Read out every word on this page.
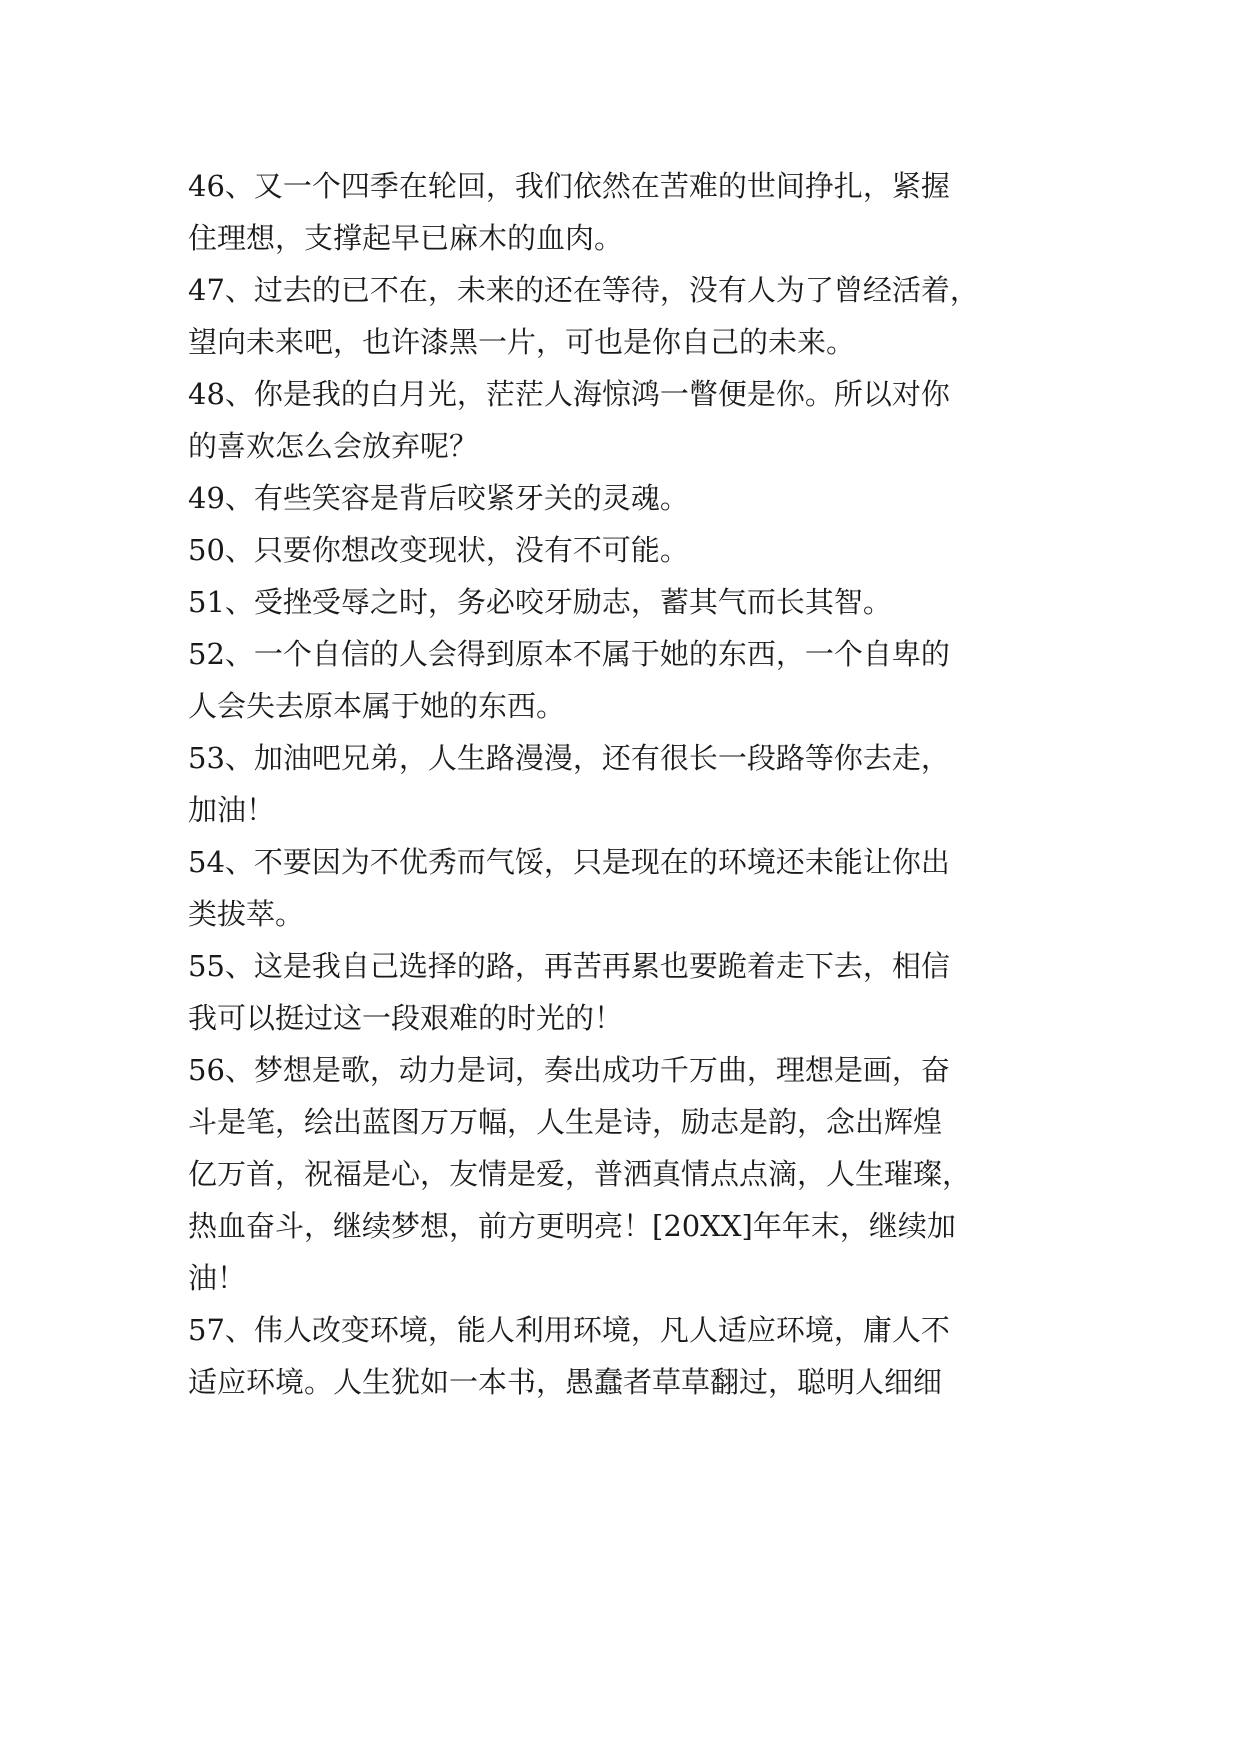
46、又一个四季在轮回，我们依然在苦难的世间挣扎，紧握

住理想，支撑起早已麻木的血肉。

47、过去的已不在，未来的还在等待，没有人为了曾经活着，

望向未来吧，也许漆黑一片，可也是你自己的未来。

48、你是我的白月光，茫茫人海惊鸿一瞥便是你。所以对你

的喜欢怎么会放弃呢？

49、有些笑容是背后咬紧牙关的灵魂。

50、只要你想改变现状，没有不可能。

51、受挫受辱之时，务必咬牙励志，蓄其气而长其智。

52、一个自信的人会得到原本不属于她的东西，一个自卑的

人会失去原本属于她的东西。

53、加油吧兄弟，人生路漫漫，还有很长一段路等你去走，

加油！

54、不要因为不优秀而气馁，只是现在的环境还未能让你出

类拔萃。

55、这是我自己选择的路，再苦再累也要跪着走下去，相信

我可以挺过这一段艰难的时光的！

56、梦想是歌，动力是词，奏出成功千万曲，理想是画，奋

斗是笔，绘出蓝图万万幅，人生是诗，励志是韵，念出辉煌

亿万首，祝福是心，友情是爱，普洒真情点点滴，人生璀璨，

热血奋斗，继续梦想，前方更明亮！[20XX]年年末，继续加

油！

57、伟人改变环境，能人利用环境，凡人适应环境，庸人不

适应环境。人生犹如一本书，愚蠢者草草翻过，聪明人细细
